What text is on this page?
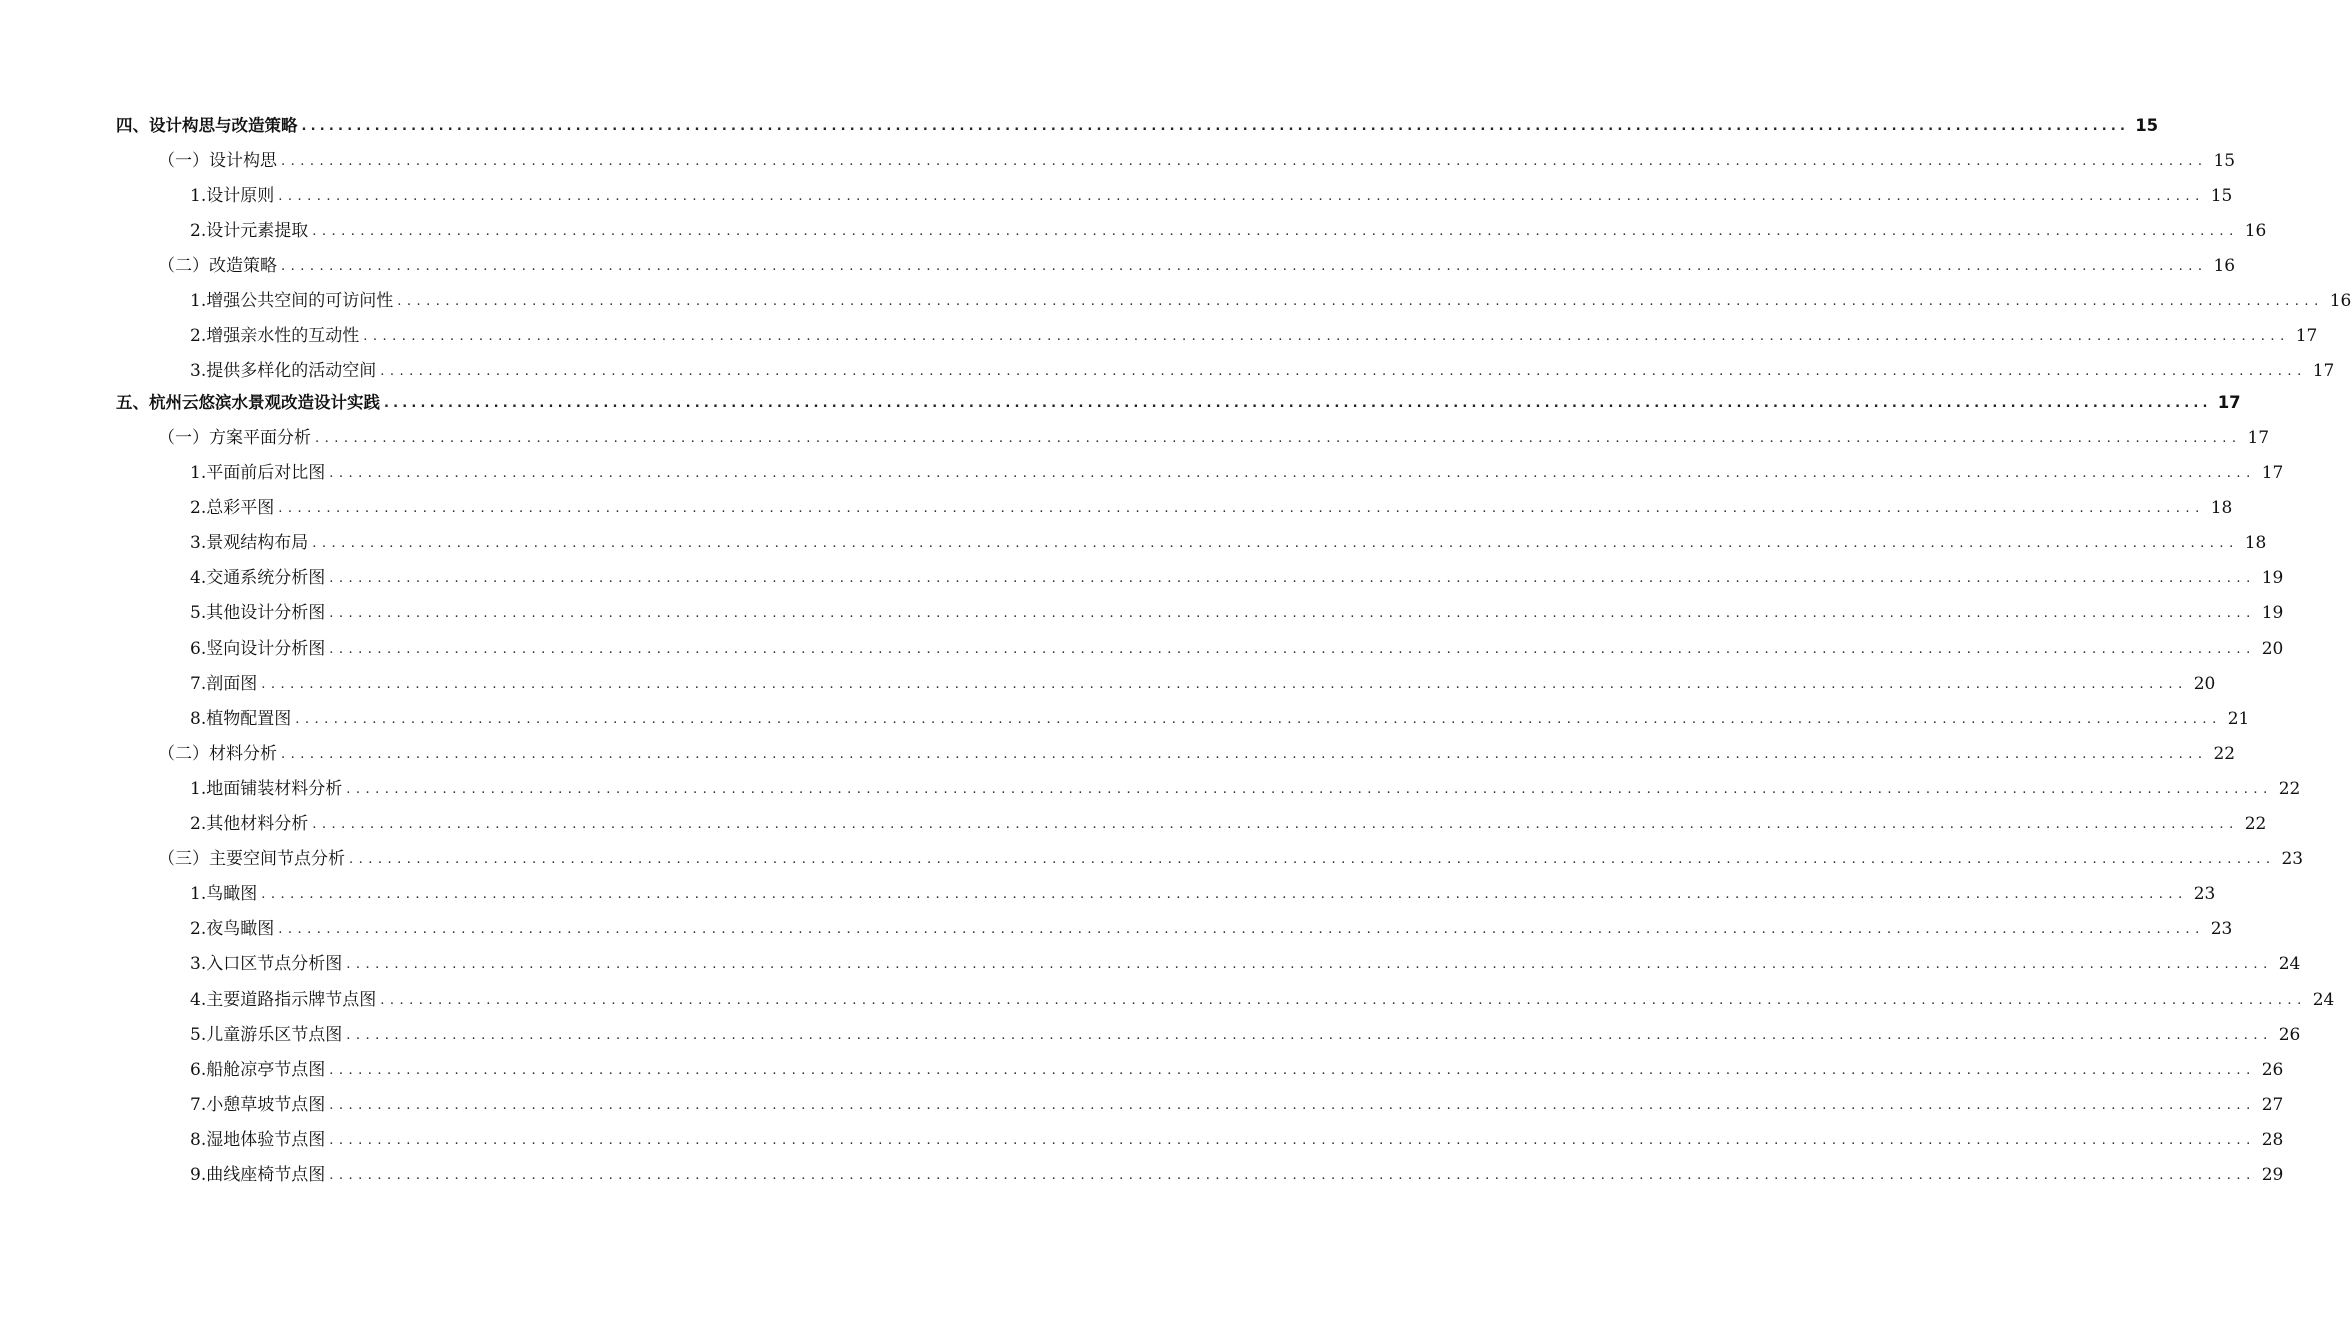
四、设计构思与改造策略 ........................................................................................................................................................................................................ 15
（一）设计构思 ........................................................................................................................................................................................................ 15
1.设计原则 ........................................................................................................................................................................................................ 15
2.设计元素提取 ........................................................................................................................................................................................................ 16
（二）改造策略 ........................................................................................................................................................................................................ 16
1.增强公共空间的可访问性 ........................................................................................................................................................................................................ 16
2.增强亲水性的互动性 ........................................................................................................................................................................................................ 17
3.提供多样化的活动空间 ........................................................................................................................................................................................................ 17
五、杭州云悠滨水景观改造设计实践 ........................................................................................................................................................................................................ 17
（一）方案平面分析 ........................................................................................................................................................................................................ 17
1.平面前后对比图 ........................................................................................................................................................................................................ 17
2.总彩平图 ........................................................................................................................................................................................................ 18
3.景观结构布局 ........................................................................................................................................................................................................ 18
4.交通系统分析图 ........................................................................................................................................................................................................ 19
5.其他设计分析图 ........................................................................................................................................................................................................ 19
6.竖向设计分析图 ........................................................................................................................................................................................................ 20
7.剖面图 ........................................................................................................................................................................................................ 20
8.植物配置图 ........................................................................................................................................................................................................ 21
（二）材料分析 ........................................................................................................................................................................................................ 22
1.地面铺装材料分析 ........................................................................................................................................................................................................ 22
2.其他材料分析 ........................................................................................................................................................................................................ 22
（三）主要空间节点分析 ........................................................................................................................................................................................................ 23
1.鸟瞰图 ........................................................................................................................................................................................................ 23
2.夜鸟瞰图 ........................................................................................................................................................................................................ 23
3.入口区节点分析图 ........................................................................................................................................................................................................ 24
4.主要道路指示牌节点图 ........................................................................................................................................................................................................ 24
5.儿童游乐区节点图 ........................................................................................................................................................................................................ 26
6.船舱凉亭节点图 ........................................................................................................................................................................................................ 26
7.小憩草坡节点图 ........................................................................................................................................................................................................ 27
8.湿地体验节点图 ........................................................................................................................................................................................................ 28
9.曲线座椅节点图 ........................................................................................................................................................................................................ 29
